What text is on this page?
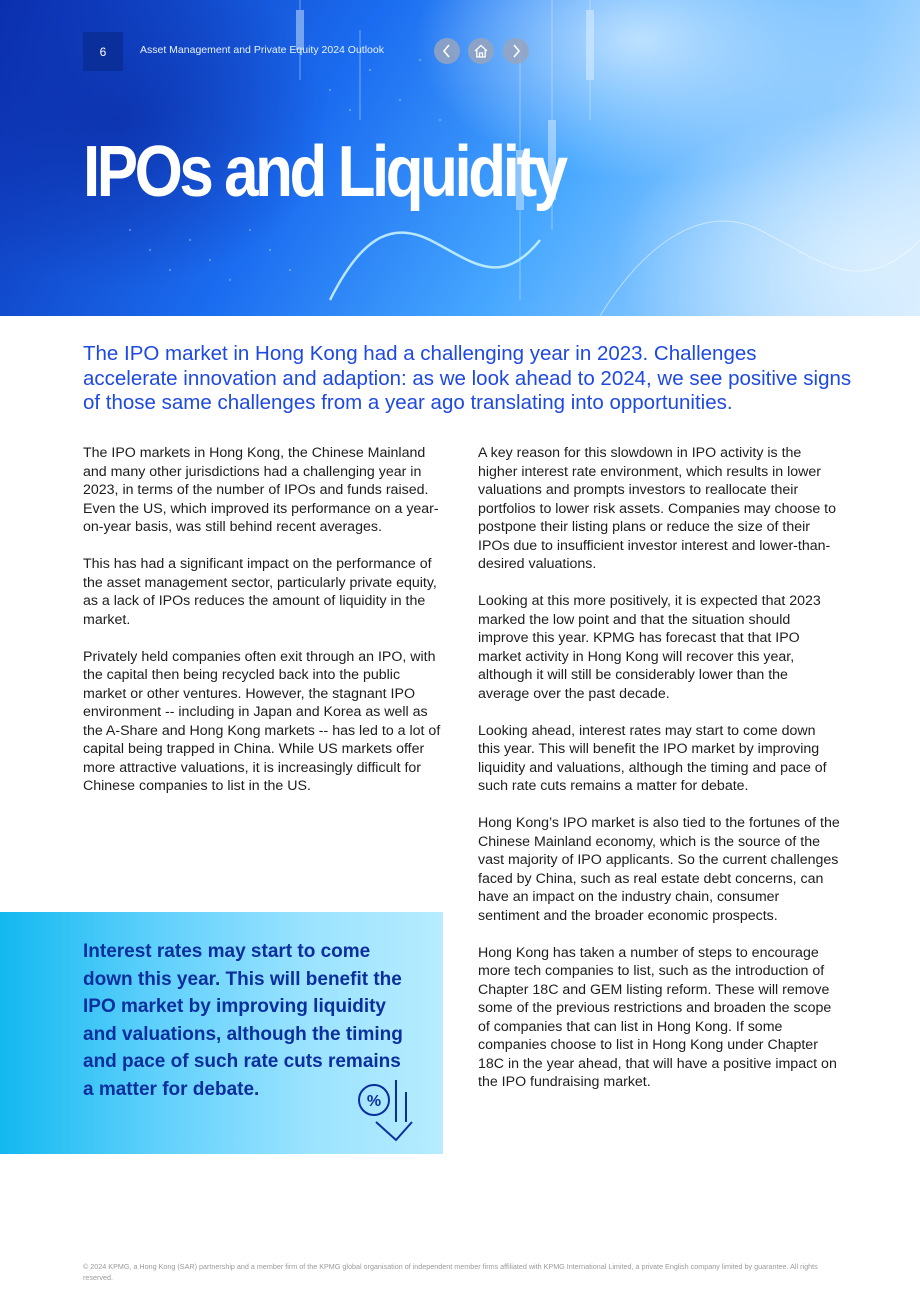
6	Asset Management and Private Equity 2024 Outlook
IPOs and Liquidity

The IPO market in Hong Kong had a challenging year in 2023. Challenges accelerate innovation and adaption: as we look ahead to 2024, we see positive signs of those same challenges from a year ago translating into opportunities.

The IPO markets in Hong Kong, the Chinese Mainland and many other jurisdictions had a challenging year in 2023, in terms of the number of IPOs and funds raised. Even the US, which improved its performance on a year-on-year basis, was still behind recent averages.

This has had a significant impact on the performance of the asset management sector, particularly private equity, as a lack of IPOs reduces the amount of liquidity in the market.

Privately held companies often exit through an IPO, with the capital then being recycled back into the public market or other ventures. However, the stagnant IPO environment -- including in Japan and Korea as well as the A-Share and Hong Kong markets -- has led to a lot of capital being trapped in China. While US markets offer more attractive valuations, it is increasingly difficult for Chinese companies to list in the US.

A key reason for this slowdown in IPO activity is the higher interest rate environment, which results in lower valuations and prompts investors to reallocate their portfolios to lower risk assets. Companies may choose to postpone their listing plans or reduce the size of their IPOs due to insufficient investor interest and lower-than-desired valuations.

Looking at this more positively, it is expected that 2023 marked the low point and that the situation should improve this year. KPMG has forecast that that IPO market activity in Hong Kong will recover this year, although it will still be considerably lower than the average over the past decade.

Looking ahead, interest rates may start to come down this year. This will benefit the IPO market by improving liquidity and valuations, although the timing and pace of such rate cuts remains a matter for debate.

Hong Kong’s IPO market is also tied to the fortunes of the Chinese Mainland economy, which is the source of the vast majority of IPO applicants. So the current challenges faced by China, such as real estate debt concerns, can have an impact on the industry chain, consumer sentiment and the broader economic prospects.

Hong Kong has taken a number of steps to encourage more tech companies to list, such as the introduction of Chapter 18C and GEM listing reform. These will remove some of the previous restrictions and broaden the scope of companies that can list in Hong Kong. If some companies choose to list in Hong Kong under Chapter 18C in the year ahead, that will have a positive impact on the IPO fundraising market.

Interest rates may start to come down this year. This will benefit the IPO market by improving liquidity and valuations, although the timing and pace of such rate cuts remains a matter for debate.

%

© 2024 KPMG, a Hong Kong (SAR) partnership and a member firm of the KPMG global organisation of independent member firms affiliated with KPMG International Limited, a private English company limited by guarantee. All rights reserved.
